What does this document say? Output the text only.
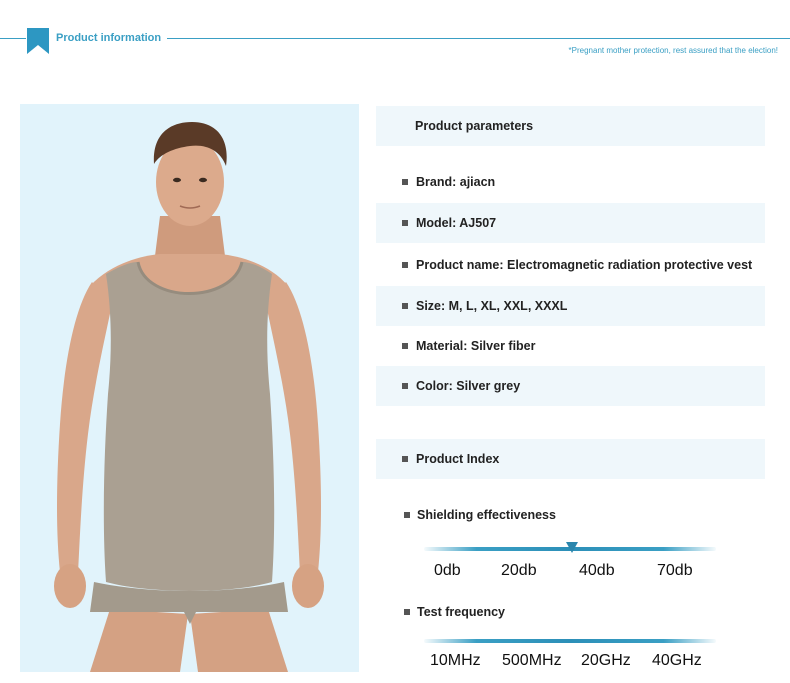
Product information
*Pregnant mother protection, rest assured that the election!
Product parameters
Brand: ajiacn
Model: AJ507
Product name: Electromagnetic radiation protective vest
Size: M, L, XL, XXL, XXXL
Material: Silver fiber
Color: Silver grey
Product Index
Shielding effectiveness
0db	20db	40db	70db
Test frequency
10MHz 500MHz 20GHz 40GHz
